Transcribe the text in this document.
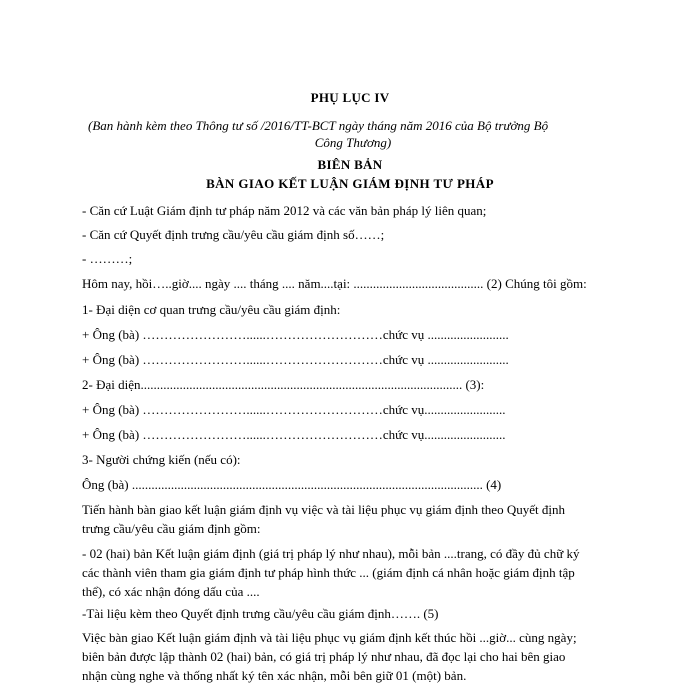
PHỤ LỤC IV
(Ban hành kèm theo Thông tư số /2016/TT-BCT ngày tháng năm 2016 của Bộ trưởng Bộ
Công Thương)
BIÊN BẢN
BÀN GIAO KẾT LUẬN GIÁM ĐỊNH TƯ PHÁP
- Căn cứ Luật Giám định tư pháp năm 2012 và các văn bản pháp lý liên quan;
- Căn cứ Quyết định trưng cầu/yêu cầu giám định số……;
- ………;
Hôm nay, hồi…..giờ.... ngày .... tháng .... năm....tại: ........................................ (2) Chúng tôi gồm:
1- Đại diện cơ quan trưng cầu/yêu cầu giám định:
+ Ông (bà) ……………………......………………………chức vụ .........................
+ Ông (bà) ……………………......………………………chức vụ .........................
2- Đại diện................................................................................................... (3):
+ Ông (bà) ……………………......………………………chức vụ.........................
+ Ông (bà) ……………………......………………………chức vụ.........................
3- Người chứng kiến (nếu có):
Ông (bà) ............................................................................................................ (4)
Tiến hành bàn giao kết luận giám định vụ việc và tài liệu phục vụ giám định theo Quyết định
trưng cầu/yêu cầu giám định gồm:
- 02 (hai) bản Kết luận giám định (giá trị pháp lý như nhau), mỗi bản ....trang, có đầy đủ chữ ký
các thành viên tham gia giám định tư pháp hình thức ... (giám định cá nhân hoặc giám định tập
thể), có xác nhận đóng dấu của ....
-Tài liệu kèm theo Quyết định trưng cầu/yêu cầu giám định……. (5)
Việc bàn giao Kết luận giám định và tài liệu phục vụ giám định kết thúc hồi ...giờ... cùng ngày;
biên bản được lập thành 02 (hai) bản, có giá trị pháp lý như nhau, đã đọc lại cho hai bên giao
nhận cùng nghe và thống nhất ký tên xác nhận, mỗi bên giữ 01 (một) bản.
